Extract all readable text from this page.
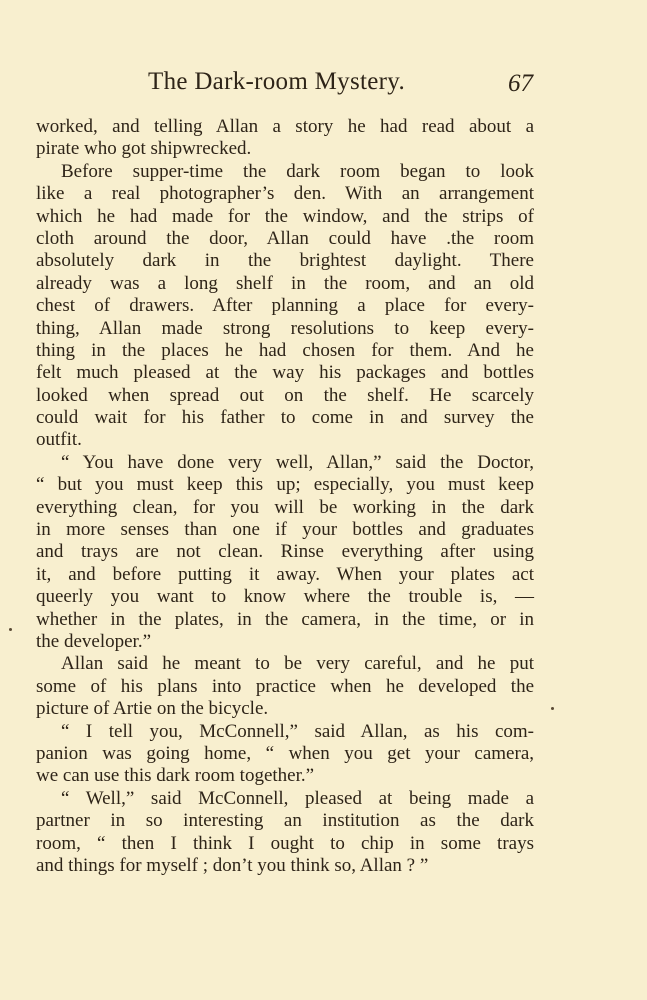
The Dark-room Mystery.	67
worked, and telling Allan a story he had read about a
pirate who got shipwrecked.
Before supper-time the dark room began to look
like a real photographer’s den. With an arrangement
which he had made for the window, and the strips of
cloth around the door, Allan could have .the room
absolutely dark in the brightest daylight. There
already was a long shelf in the room, and an old
chest of drawers. After planning a place for every-
thing, Allan made strong resolutions to keep every-
thing in the places he had chosen for them. And he
felt much pleased at the way his packages and bottles
looked when spread out on the shelf. He scarcely
could wait for his father to come in and survey the
outfit.
“ You have done very well, Allan,” said the Doctor,
“ but you must keep this up; especially, you must keep
everything clean, for you will be working in the dark
in more senses than one if your bottles and graduates
and trays are not clean. Rinse everything after using
it, and before putting it away. When your plates act
queerly you want to know where the trouble is, —
whether in the plates, in the camera, in the time, or in
the developer.”
Allan said he meant to be very careful, and he put
some of his plans into practice when he developed the
picture of Artie on the bicycle.
“ I tell you, McConnell,” said Allan, as his com-
panion was going home, “ when you get your camera,
we can use this dark room together.”
“ Well,” said McConnell, pleased at being made a
partner in so interesting an institution as the dark
room, “ then I think I ought to chip in some trays
and things for myself ; don’t you think so, Allan ? ”
